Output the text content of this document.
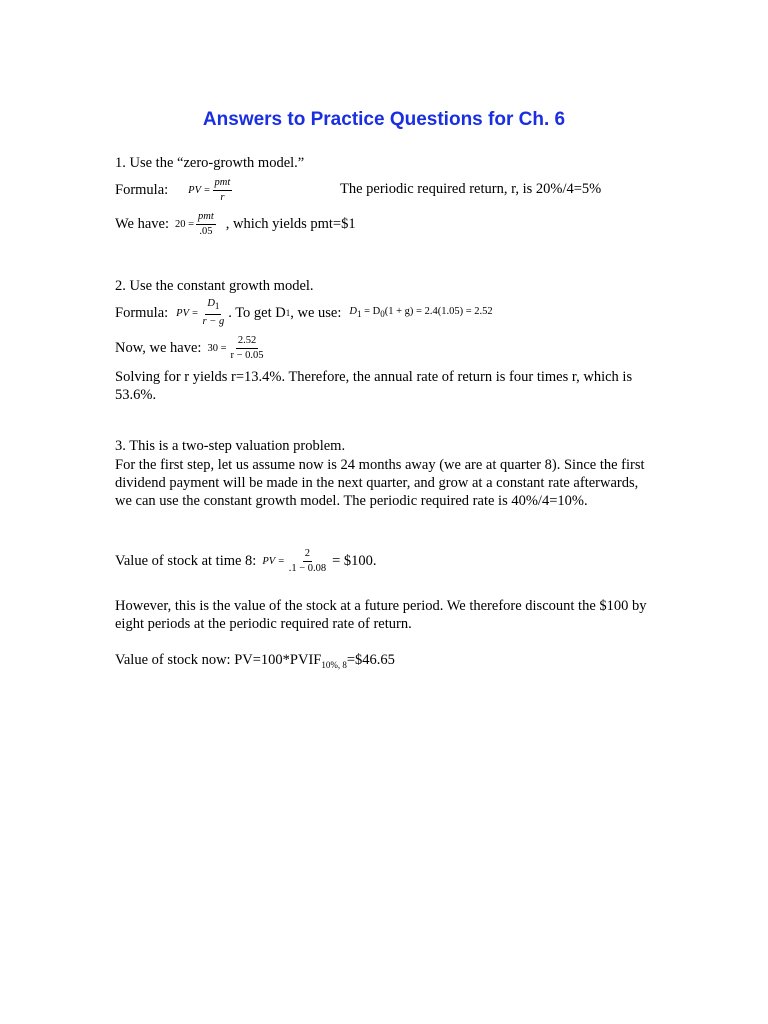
Answers to Practice Questions for Ch. 6
1. Use the “zero-growth model.”
Formula: PV = $\frac{\text{pmt}}{r}$	The periodic required return, r, is 20%/4=5%
We have: $20 = \frac{\text{pmt}}{.05}$ , which yields pmt=$1
2. Use the constant growth model.
Formula: PV = $\frac{D_1}{r - g}$ . To get D 1 , we use: $D_1 = D_0(1 + g) = 2.4(1.05) = 2.52$
Now, we have: $30 = \frac{2.52}{r - 0.05}$

Solving for r yields r=13.4%. Therefore, the annual rate of return is four times r, which is 53.6%.

3. This is a two-step valuation problem.

For the first step, let us assume now is 24 months away (we are at quarter 8). Since the first dividend payment will be made in the next quarter, and grow at a constant rate afterwards, we can use the constant growth model. The periodic required rate is 40%/4=10%.

Value of stock at time 8: PV = $\frac{2}{.1 - 0.08}$ = $100.

However, this is the value of the stock at a future period. We therefore discount the $100 by eight periods at the periodic required rate of return.

Value of stock now: $PV=100*PVIF_{10\%, 8}=\$46.65$
